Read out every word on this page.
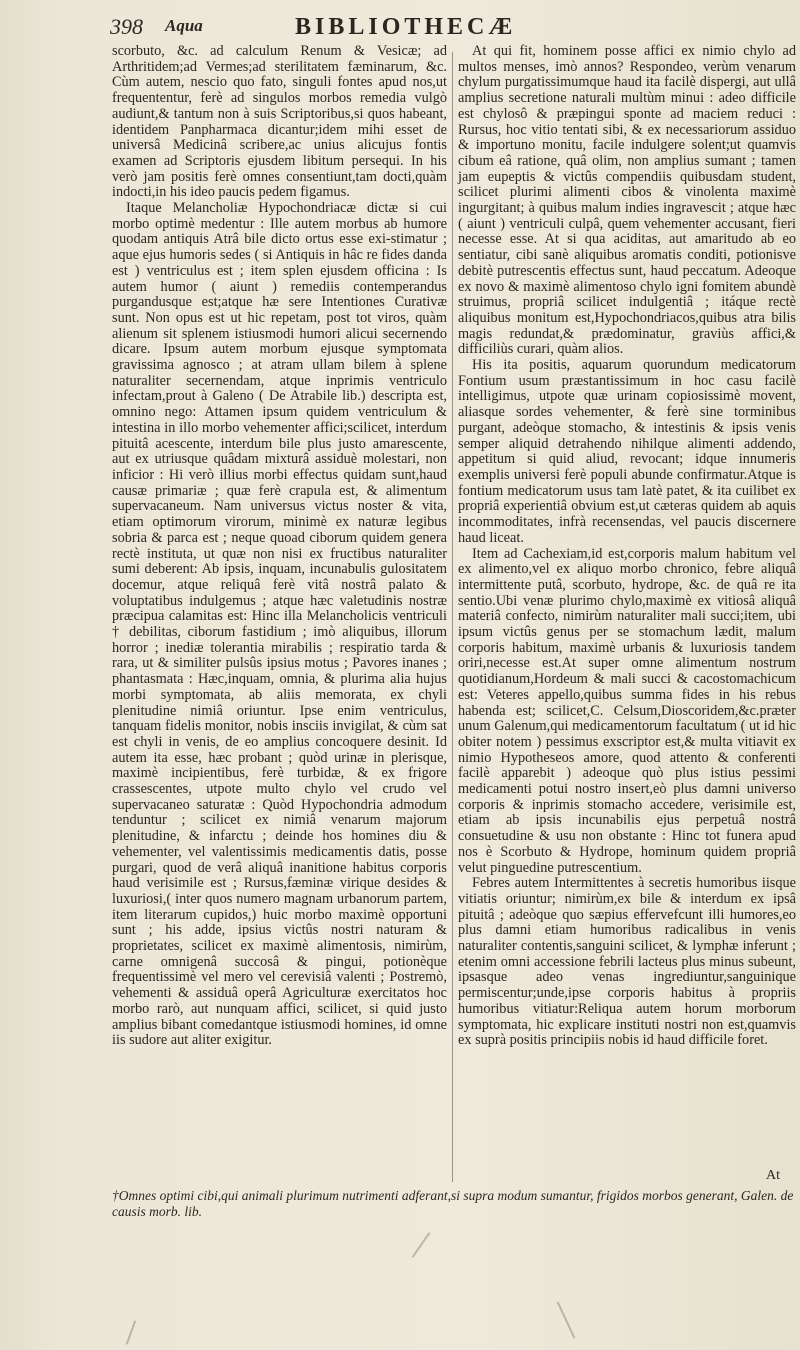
398 Aqua	BIBLIOTHECÆ

scorbuto, &c. ad calculum Renum & Vesicæ; ad Arthritidem;ad Vermes;ad sterilitatem fæminarum, &c. Cùm autem, nescio quo fato, singuli fontes apud nos,ut frequententur, ferè ad singulos morbos remedia vulgò audiunt,& tantum non à suis Scriptoribus,si quos habeant, identidem Panpharmaca dicantur;idem mihi esset de universâ Medicinâ scribere,ac unius alicujus fontis examen ad Scriptoris ejusdem libitum persequi. In his verò jam positis ferè omnes consentiunt,tam docti,quàm indocti,in his ideo paucis pedem figamus.

Itaque Melancholiæ Hypochondriacæ dictæ si cui morbo optimè medentur : Ille autem morbus ab humore quodam antiquis Atrâ bile dicto ortus esse exi-stimatur ; aque ejus humoris sedes ( si Antiquis in hâc re fides danda est ) ventriculus est ; item splen ejusdem officina : Is autem humor ( aiunt ) remediis contemperandus purgandusque est;atque hæ sere Intentiones Curativæ sunt. Non opus est ut hic repetam, post tot viros, quàm alienum sit splenem istiusmodi humori alicui secernendo dicare. Ipsum autem morbum ejusque symptomata gravissima agnosco ; at atram ullam bilem à splene naturaliter secernendam, atque inprimis ventriculo infectam,prout à Galeno ( De Atrabile lib.) descripta est, omnino nego: Attamen ipsum quidem ventriculum & intestina in illo morbo vehementer affici;scilicet, interdum pituitâ acescente, interdum bile plus justo amarescente, aut ex utriusque quâdam mixturâ assiduè molestari, non inficior : Hi verò illius morbi effectus quidam sunt,haud causæ primariæ ; quæ ferè crapula est, & alimentum supervacaneum. Nam universus victus noster & vita, etiam optimorum virorum, minimè ex naturæ legibus sobria & parca est ; neque quoad ciborum quidem genera rectè instituta, ut quæ non nisi ex fructibus naturaliter sumi deberent: Ab ipsis, inquam, incunabulis gulositatem docemur, atque reliquâ ferè vitâ nostrâ palato & voluptatibus indulgemus ; atque hæc valetudinis nostræ præcipua calamitas est: Hinc illa Melancholicis ventriculi † debilitas, ciborum fastidium ; imò aliquibus, illorum horror ; inediæ tolerantia mirabilis ; respiratio tarda & rara, ut & similiter pulsûs ipsius motus ; Pavores inanes ; phantasmata : Hæc,inquam, omnia, & plurima alia hujus morbi symptomata, ab aliis memorata, ex chyli plenitudine nimiâ oriuntur. Ipse enim ventriculus, tanquam fidelis monitor, nobis insciis invigilat, & cùm sat est chyli in venis, de eo amplius concoquere desinit. Id autem ita esse, hæc probant ; quòd urinæ in plerisque, maximè incipientibus, ferè turbidæ, & ex frigore crassescentes, utpote multo chylo vel crudo vel supervacaneo saturatæ : Quòd Hypochondria admodum tenduntur ; scilicet ex nimiâ venarum majorum plenitudine, & infarctu ; deinde hos homines diu & vehementer, vel valentissimis medicamentis datis, posse purgari, quod de verâ aliquâ inanitione habitus corporis haud verisimile est ; Rursus,fæminæ virique desides & luxuriosi,( inter quos numero magnam urbanorum partem, item literarum cupidos,) huic morbo maximè opportuni sunt ; his adde, ipsius victûs nostri naturam & proprietates, scilicet ex maximè alimentosis, nimirùm, carne omnigenâ succosâ & pingui, potionèque frequentissimè vel mero vel cerevisiâ valenti ; Postremò, vehementi & assiduâ operâ Agriculturæ exercitatos hoc morbo rarò, aut nunquam affici, scilicet, si quid justo amplius bibant comedantque istiusmodi homines, id omne iis sudore aut aliter exigitur.

At qui fit, hominem posse affici ex nimio chylo ad multos menses, imò annos? Respondeo, verùm venarum chylum purgatissimumque haud ita facilè dispergi, aut ullâ amplius secretione naturali multùm minui : adeo difficile est chylosô & præpingui sponte ad maciem reduci : Rursus, hoc vitio tentati sibi, & ex necessariorum assiduo & importuno monitu, facile indulgere solent;ut quamvis cibum eâ ratione, quâ olim, non amplius sumant ; tamen jam eupeptis & victûs compendiis quibusdam student, scilicet plurimi alimenti cibos & vinolenta maximè ingurgitant; à quibus malum indies ingravescit ; atque hæc ( aiunt ) ventriculi culpâ, quem vehementer accusant, fieri necesse esse. At si qua aciditas, aut amaritudo ab eo sentiatur, cibi sanè aliquibus aromatis conditi, potionisve debitè putrescentis effectus sunt, haud peccatum. Adeoque ex novo & maximè alimentoso chylo igni fomitem abundè struimus, propriâ scilicet indulgentiâ ; itáque rectè aliquibus monitum est,Hypochondriacos,quibus atra bilis magis redundat,& prædominatur, graviùs affici,& difficiliùs curari, quàm alios.

His ita positis, aquarum quorundum medicatorum Fontium usum præstantissimum in hoc casu facilè intelligimus, utpote quæ urinam copiosissimè movent, aliasque sordes vehementer, & ferè sine torminibus purgant, adeòque stomacho, & intestinis & ipsis venis semper aliquid detrahendo nihilque alimenti addendo, appetitum si quid aliud, revocant; idque innumeris exemplis universi ferè populi abunde confirmatur.Atque is fontium medicatorum usus tam latè patet, & ita cuilibet ex propriâ experientiâ obvium est,ut cæteras quidem ab aquis incommoditates, infrà recensendas, vel paucis discernere haud liceat.

Item ad Cachexiam,id est,corporis malum habitum vel ex alimento,vel ex aliquo morbo chronico, febre aliquâ intermittente putâ, scorbuto, hydrope, &c. de quâ re ita sentio.Ubi venæ plurimo chylo,maximè ex vitiosâ aliquâ materiâ confecto, nimirùm naturaliter mali succi;item, ubi ipsum victûs genus per se stomachum lædit, malum corporis habitum, maximè urbanis & luxuriosis tandem oriri,necesse est.At super omne alimentum nostrum quotidianum,Hordeum & mali succi & cacostomachicum est: Veteres appello,quibus summa fides in his rebus habenda est; scilicet,C. Celsum,Dioscoridem,&c.præter unum Galenum,qui medicamentorum facultatum ( ut id hic obiter notem ) pessimus exscriptor est,& multa vitiavit ex nimio Hypotheseos amore, quod attento & conferenti facilè apparebit ) adeoque quò plus istius pessimi medicamenti potui nostro insert,eò plus damni universo corporis & inprimis stomacho accedere, verisimile est, etiam ab ipsis incunabilis ejus perpetuâ nostrâ consuetudine & usu non obstante : Hinc tot funera apud nos è Scorbuto & Hydrope, hominum quidem propriâ velut pinguedine putrescentium.

Febres autem Intermittentes à secretis humoribus iisque vitiatis oriuntur; nimirùm,ex bile & interdum ex ipsâ pituitâ ; adeòque quo sæpius effervefcunt illi humores,eo plus damni etiam humoribus radicalibus in venis naturaliter contentis,sanguini scilicet, & lymphæ inferunt ; etenim omni accessione febrili lacteus plus minus subeunt, ipsasque adeo venas ingrediuntur,sanguinique permiscentur;unde,ipse corporis habitus à propriis humoribus vitiatur:Reliqua autem horum morborum symptomata, hic explicare instituti nostri non est,quamvis ex suprà positis principiis nobis id haud difficile foret.

At
†Omnes optimi cibi,qui animali plurimum nutrimenti adferant,si supra modum sumantur, frigidos morbos generant, Galen. de causis morb. lib.
